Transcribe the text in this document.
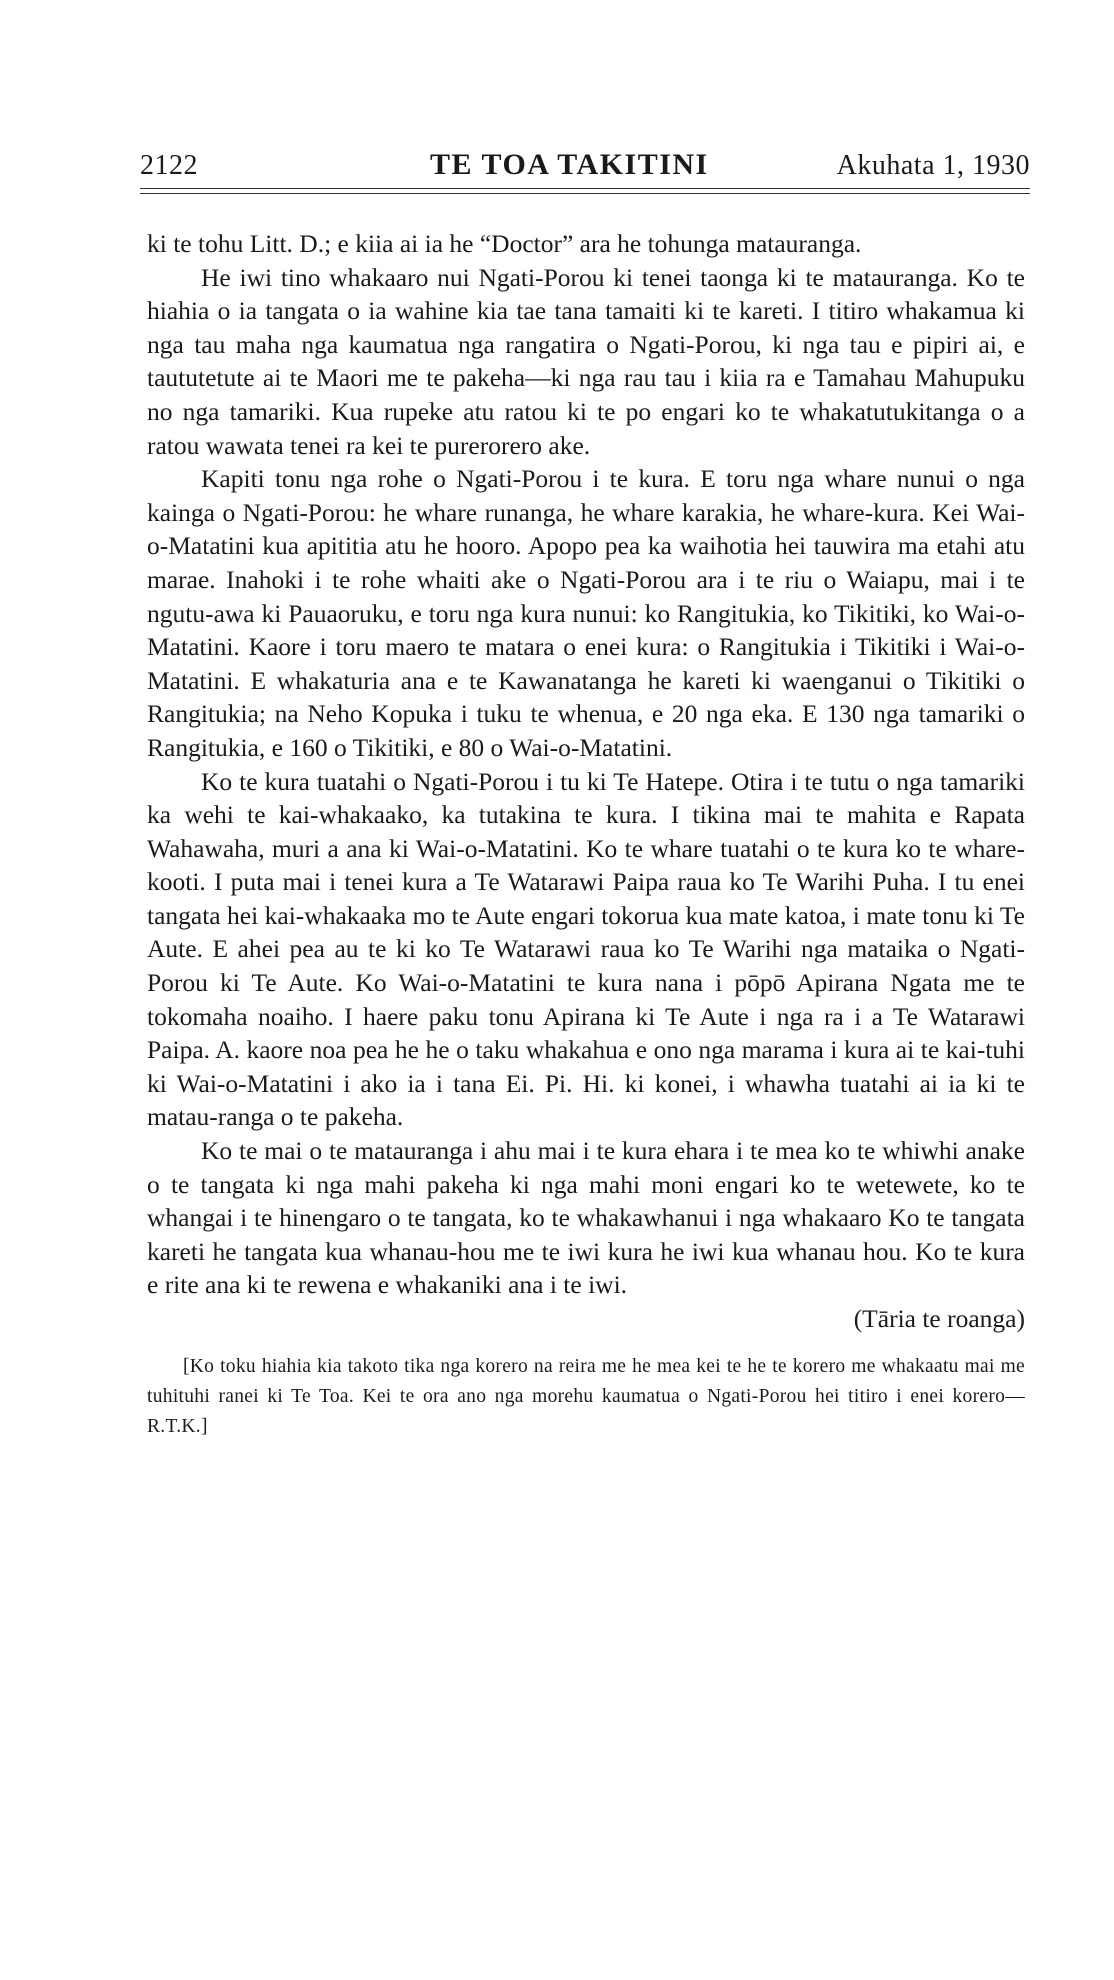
2122	TE TOA TAKITINI	Akuhata 1, 1930

ki te tohu Litt. D.; e kiia ai ia he “Doctor” ara he tohunga matauranga.

He iwi tino whakaaro nui Ngati-Porou ki tenei taonga ki te matauranga. Ko te hiahia o ia tangata o ia wahine kia tae tana tamaiti ki te kareti. I titiro whakamua ki nga tau maha nga kaumatua nga rangatira o Ngati-Porou, ki nga tau e pipiri ai, e taututetute ai te Maori me te pakeha—ki nga rau tau i kiia ra e Tamahau Mahupuku no nga tamariki. Kua rupeke atu ratou ki te po engari ko te whakatutukitanga o a ratou wawata tenei ra kei te purerorero ake.

Kapiti tonu nga rohe o Ngati-Porou i te kura. E toru nga whare nunui o nga kainga o Ngati-Porou: he whare runanga, he whare karakia, he whare-kura. Kei Wai-o-Matatini kua apititia atu he hooro. Apopo pea ka waihotia hei tauwira ma etahi atu marae. Inahoki i te rohe whaiti ake o Ngati-Porou ara i te riu o Waiapu, mai i te ngutu-awa ki Pauaoruku, e toru nga kura nunui: ko Rangitukia, ko Tikitiki, ko Wai-o-Matatini. Kaore i toru maero te matara o enei kura: o Rangitukia i Tikitiki i Wai-o-Matatini. E whakaturia ana e te Kawanatanga he kareti ki waenganui o Tikitiki o Rangitukia; na Neho Kopuka i tuku te whenua, e 20 nga eka. E 130 nga tamariki o Rangitukia, e 160 o Tikitiki, e 80 o Wai-o-Matatini.

Ko te kura tuatahi o Ngati-Porou i tu ki Te Hatepe. Otira i te tutu o nga tamariki ka wehi te kai-whakaako, ka tutakina te kura. I tikina mai te mahita e Rapata Wahawaha, muri a ana ki Wai-o-Matatini. Ko te whare tuatahi o te kura ko te whare-kooti. I puta mai i tenei kura a Te Watarawi Paipa raua ko Te Warihi Puha. I tu enei tangata hei kai-whakaaka mo te Aute engari tokorua kua mate katoa, i mate tonu ki Te Aute. E ahei pea au te ki ko Te Watarawi raua ko Te Warihi nga mataika o Ngati-Porou ki Te Aute. Ko Wai-o-Matatini te kura nana i pōpō Apirana Ngata me te tokomaha noaiho. I haere paku tonu Apirana ki Te Aute i nga ra i a Te Watarawi Paipa. A. kaore noa pea he he o taku whakahua e ono nga marama i kura ai te kai-tuhi ki Wai-o-Matatini i ako ia i tana Ei. Pi. Hi. ki konei, i whawha tuatahi ai ia ki te matau-ranga o te pakeha.

Ko te mai o te matauranga i ahu mai i te kura ehara i te mea ko te whiwhi anake o te tangata ki nga mahi pakeha ki nga mahi moni engari ko te wetewete, ko te whangai i te hinengaro o te tangata, ko te whakawhanui i nga whakaaro Ko te tangata kareti he tangata kua whanau-hou me te iwi kura he iwi kua whanau hou. Ko te kura e rite ana ki te rewena e whakaniki ana i te iwi.

(Tāria te roanga)

[Ko toku hiahia kia takoto tika nga korero na reira me he mea kei te he te korero me whakaatu mai me tuhituhi ranei ki Te Toa. Kei te ora ano nga morehu kaumatua o Ngati-Porou hei titiro i enei korero— R.T.K.]
